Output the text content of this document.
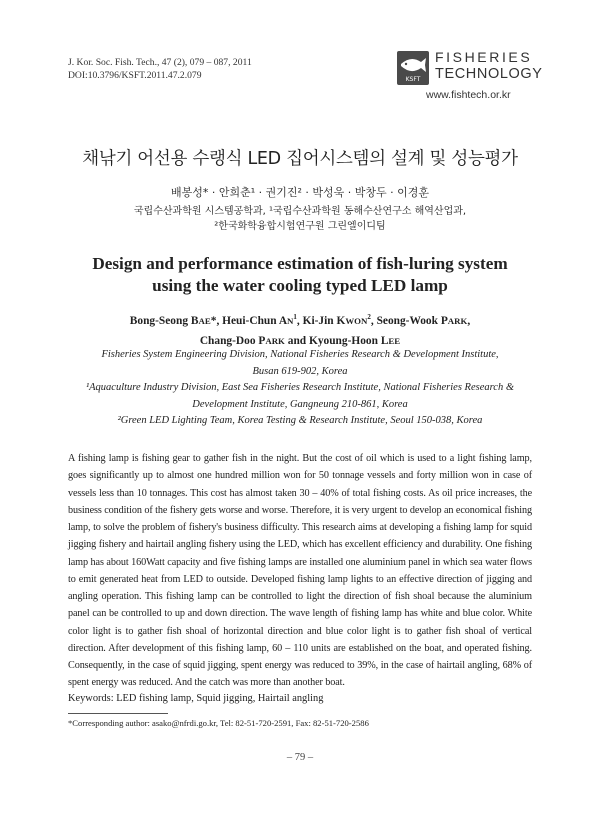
J. Kor. Soc. Fish. Tech., 47 (2), 079 – 087, 2011
DOI:10.3796/KSFT.2011.47.2.079	KSFT
FISHERIES
TECHNOLOGY
www.fishtech.or.kr
채낚기 어선용 수랭식 LED 집어시스템의 설계 및 성능평가
배봉성* · 안희춘¹ · 권기진² · 박성욱 · 박창두 · 이경훈
국립수산과학원 시스템공학과, ¹국립수산과학원 동해수산연구소 해역산업과,
²한국화학융합시험연구원 그린엘이디팀
Design and performance estimation of fish-luring system
using the water cooling typed LED lamp
Bong-Seong BAE*, Heui-Chun $AN^1$, Ki-Jin KWON$^2$, Seong-Wook PARK,
Chang-Doo PARK and Kyoung-Hoon LEE
Fisheries System Engineering Division, National Fisheries Research & Development Institute,
Busan 619-902, Korea
¹Aquaculture Industry Division, East Sea Fisheries Research Institute, National Fisheries Research &
Development Institute, Gangneung 210-861, Korea
²Green LED Lighting Team, Korea Testing & Research Institute, Seoul 150-038, Korea
A fishing lamp is fishing gear to gather fish in the night. But the cost of oil which is used to a light fishing lamp, goes significantly up to almost one hundred million won for 50 tonnage vessels and forty million won in case of vessels less than 10 tonnages. This cost has almost taken 30 – 40% of total fishing costs. As oil price increases, the business condition of the fishery gets worse and worse. Therefore, it is very urgent to develop an economical fishing lamp, to solve the problem of fishery's business difficulty. This research aims at developing a fishing lamp for squid jigging fishery and hairtail angling fishery using the LED, which has excellent efficiency and durability. One fishing lamp has about 160Watt capacity and five fishing lamps are installed one aluminium panel in which sea water flows to emit generated heat from LED to outside. Developed fishing lamp lights to an effective direction of jigging and angling operation. This fishing lamp can be controlled to light the direction of fish shoal because the aluminium panel can be controlled to up and down direction. The wave length of fishing lamp has white and blue color. White color light is to gather fish shoal of horizontal direction and blue color light is to gather fish shoal of vertical direction. After development of this fishing lamp, 60 – 110 units are established on the boat, and operated fishing. Consequently, in the case of squid jigging, spent energy was reduced to 39%, in the case of hairtail angling, 68% of spent energy was reduced. And the catch was more than another boat.
Keywords: LED fishing lamp, Squid jigging, Hairtail angling
*Corresponding author: asako@nfrdi.go.kr, Tel: 82-51-720-2591, Fax: 82-51-720-2586
– 79 –
